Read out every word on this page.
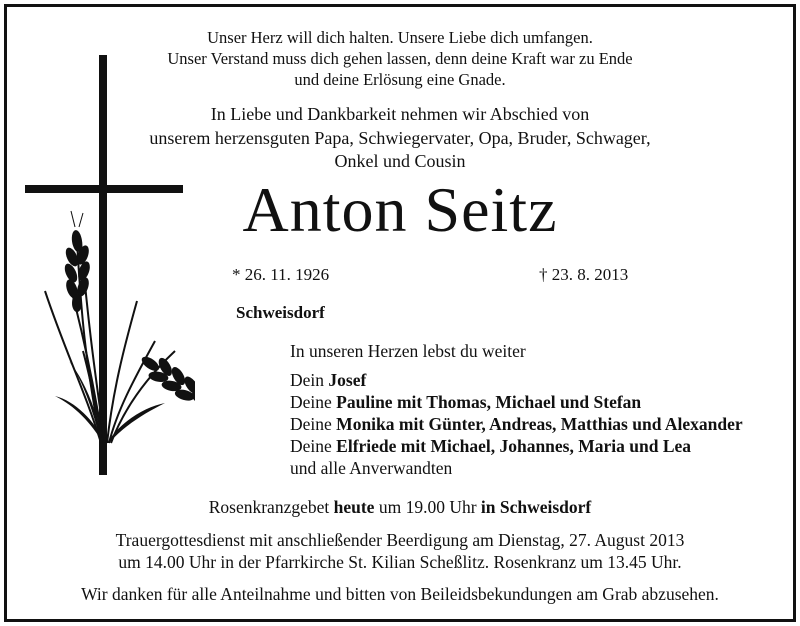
Unser Herz will dich halten. Unsere Liebe dich umfangen.
Unser Verstand muss dich gehen lassen, denn deine Kraft war zu Ende
und deine Erlösung eine Gnade.
In Liebe und Dankbarkeit nehmen wir Abschied von
unserem herzensguten Papa, Schwiegervater, Opa, Bruder, Schwager,
Onkel und Cousin
Anton Seitz
* 26. 11. 1926	† 23. 8. 2013
Schweisdorf
In unseren Herzen lebst du weiter
Dein Josef
Deine Pauline mit Thomas, Michael und Stefan
Deine Monika mit Günter, Andreas, Matthias und Alexander
Deine Elfriede mit Michael, Johannes, Maria und Lea
und alle Anverwandten
Rosenkranzgebet heute um 19.00 Uhr in Schweisdorf
Trauergottesdienst mit anschließender Beerdigung am Dienstag, 27. August 2013
um 14.00 Uhr in der Pfarrkirche St. Kilian Scheßlitz. Rosenkranz um 13.45 Uhr.
Wir danken für alle Anteilnahme und bitten von Beileidsbekundungen am Grab abzusehen.
